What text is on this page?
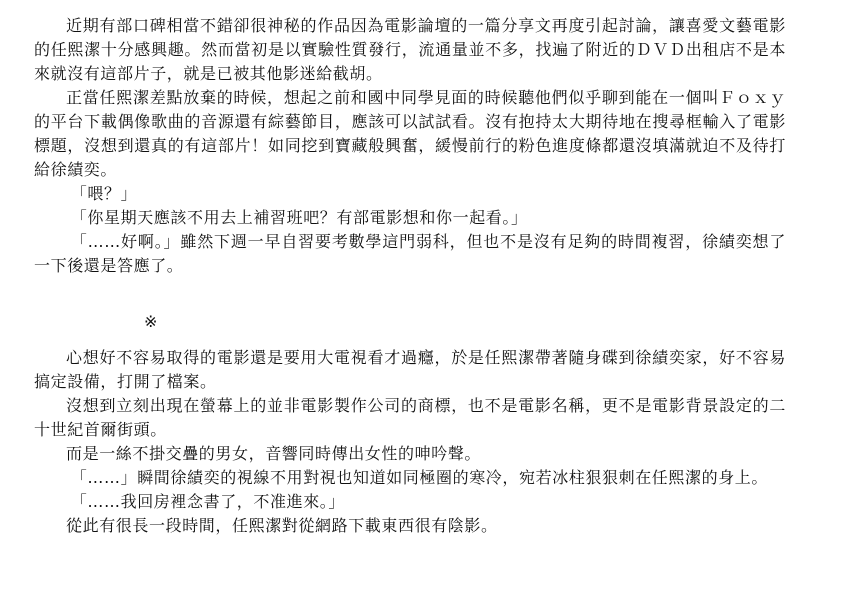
近期有部口碑相當不錯卻很神秘的作品因為電影論壇的一篇分享文再度引起討論，讓喜愛文藝電影的任熙潔十分感興趣。然而當初是以實驗性質發行，流通量並不多，找遍了附近的ＤＶＤ出租店不是本來就沒有這部片子，就是已被其他影迷給截胡。

正當任熙潔差點放棄的時候，想起之前和國中同學見面的時候聽他們似乎聊到能在一個叫Ｆｏｘｙ的平台下載偶像歌曲的音源還有綜藝節目，應該可以試試看。沒有抱持太大期待地在搜尋框輸入了電影標題，沒想到還真的有這部片！如同挖到寶藏般興奮，緩慢前行的粉色進度條都還沒填滿就迫不及待打給徐績奕。

「喂？」

「你星期天應該不用去上補習班吧？有部電影想和你一起看。」

「……好啊。」雖然下週一早自習要考數學這門弱科，但也不是沒有足夠的時間複習，徐績奕想了一下後還是答應了。

※

心想好不容易取得的電影還是要用大電視看才過癮，於是任熙潔帶著隨身碟到徐績奕家，好不容易搞定設備，打開了檔案。

沒想到立刻出現在螢幕上的並非電影製作公司的商標，也不是電影名稱，更不是電影背景設定的二十世紀首爾街頭。

而是一絲不掛交疊的男女，音響同時傳出女性的呻吟聲。

「……」瞬間徐績奕的視線不用對視也知道如同極圈的寒冷，宛若冰柱狠狠刺在任熙潔的身上。

「……我回房裡念書了，不准進來。」

從此有很長一段時間，任熙潔對從網路下載東西很有陰影。
